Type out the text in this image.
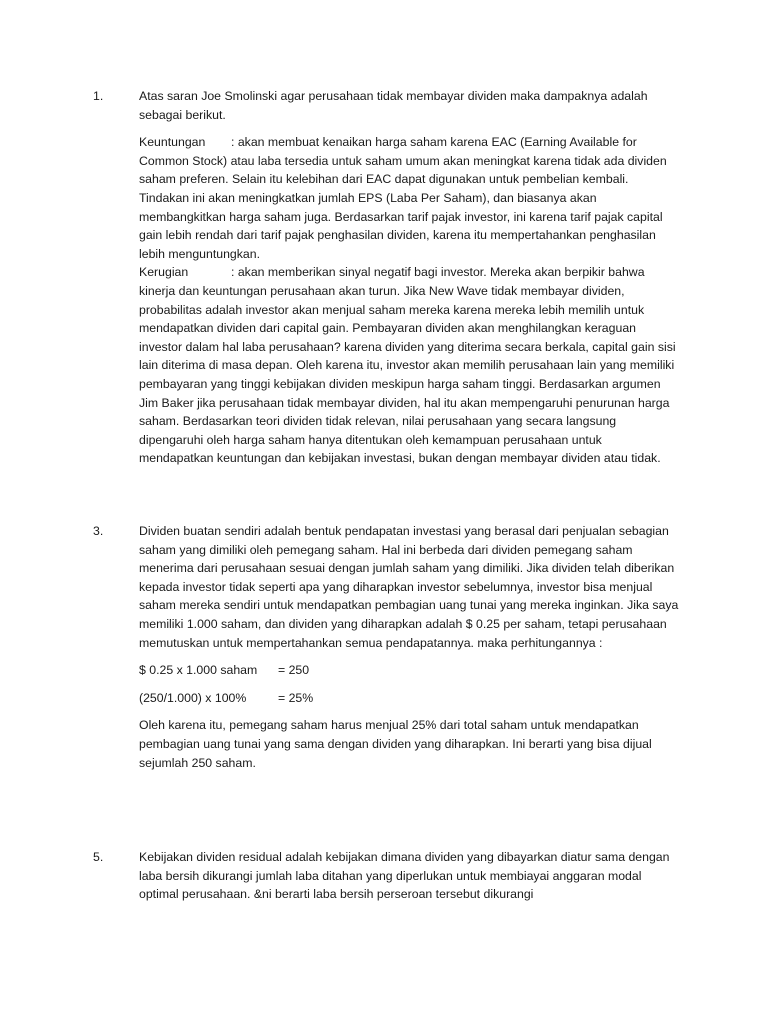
1.	Atas saran Joe Smolinski agar perusahaan tidak membayar dividen maka dampaknya adalah sebagai berikut.

Keuntungan : akan membuat kenaikan harga saham karena EAC (Earning Available for Common Stock) atau laba tersedia untuk saham umum akan meningkat karena tidak ada dividen saham preferen. Selain itu kelebihan dari EAC dapat digunakan untuk pembelian kembali. Tindakan ini akan meningkatkan jumlah EPS (Laba Per Saham), dan biasanya akan membangkitkan harga saham juga. Berdasarkan tarif pajak investor, ini karena tarif pajak capital gain lebih rendah dari tarif pajak penghasilan dividen, karena itu mempertahankan penghasilan lebih menguntungkan.

Kerugian	: akan memberikan sinyal negatif bagi investor. Mereka akan berpikir bahwa kinerja dan keuntungan perusahaan akan turun. Jika New Wave tidak membayar dividen, probabilitas adalah investor akan menjual saham mereka karena mereka lebih memilih untuk mendapatkan dividen dari capital gain. Pembayaran dividen akan menghilangkan keraguan investor dalam hal laba perusahaan? karena dividen yang diterima secara berkala, capital gain sisi lain diterima di masa depan. Oleh karena itu, investor akan memilih perusahaan lain yang memiliki pembayaran yang tinggi kebijakan dividen meskipun harga saham tinggi. Berdasarkan argumen Jim Baker jika perusahaan tidak membayar dividen, hal itu akan mempengaruhi penurunan harga saham. Berdasarkan teori dividen tidak relevan, nilai perusahaan yang secara langsung dipengaruhi oleh harga saham hanya ditentukan oleh kemampuan perusahaan untuk mendapatkan keuntungan dan kebijakan investasi, bukan dengan membayar dividen atau tidak.

3.	Dividen buatan sendiri adalah bentuk pendapatan investasi yang berasal dari penjualan sebagian saham yang dimiliki oleh pemegang saham. Hal ini berbeda dari dividen pemegang saham menerima dari perusahaan sesuai dengan jumlah saham yang dimiliki. Jika dividen telah diberikan kepada investor tidak seperti apa yang diharapkan investor sebelumnya, investor bisa menjual saham mereka sendiri untuk mendapatkan pembagian uang tunai yang mereka inginkan. Jika saya memiliki 1.000 saham, dan dividen yang diharapkan adalah $ 0.25 per saham, tetapi perusahaan memutuskan untuk mempertahankan semua pendapatannya. maka perhitungannya :

$ 0.25 x 1.000 saham	= 250

(250/1.000) x 100%	= 25%

Oleh karena itu, pemegang saham harus menjual 25% dari total saham untuk mendapatkan pembagian uang tunai yang sama dengan dividen yang diharapkan. Ini berarti yang bisa dijual sejumlah 250 saham.

5.	Kebijakan dividen residual adalah kebijakan dimana dividen yang dibayarkan diatur sama dengan laba bersih dikurangi jumlah laba ditahan yang diperlukan untuk membiayai anggaran modal optimal perusahaan. &ni berarti laba bersih perseroan tersebut dikurangi
